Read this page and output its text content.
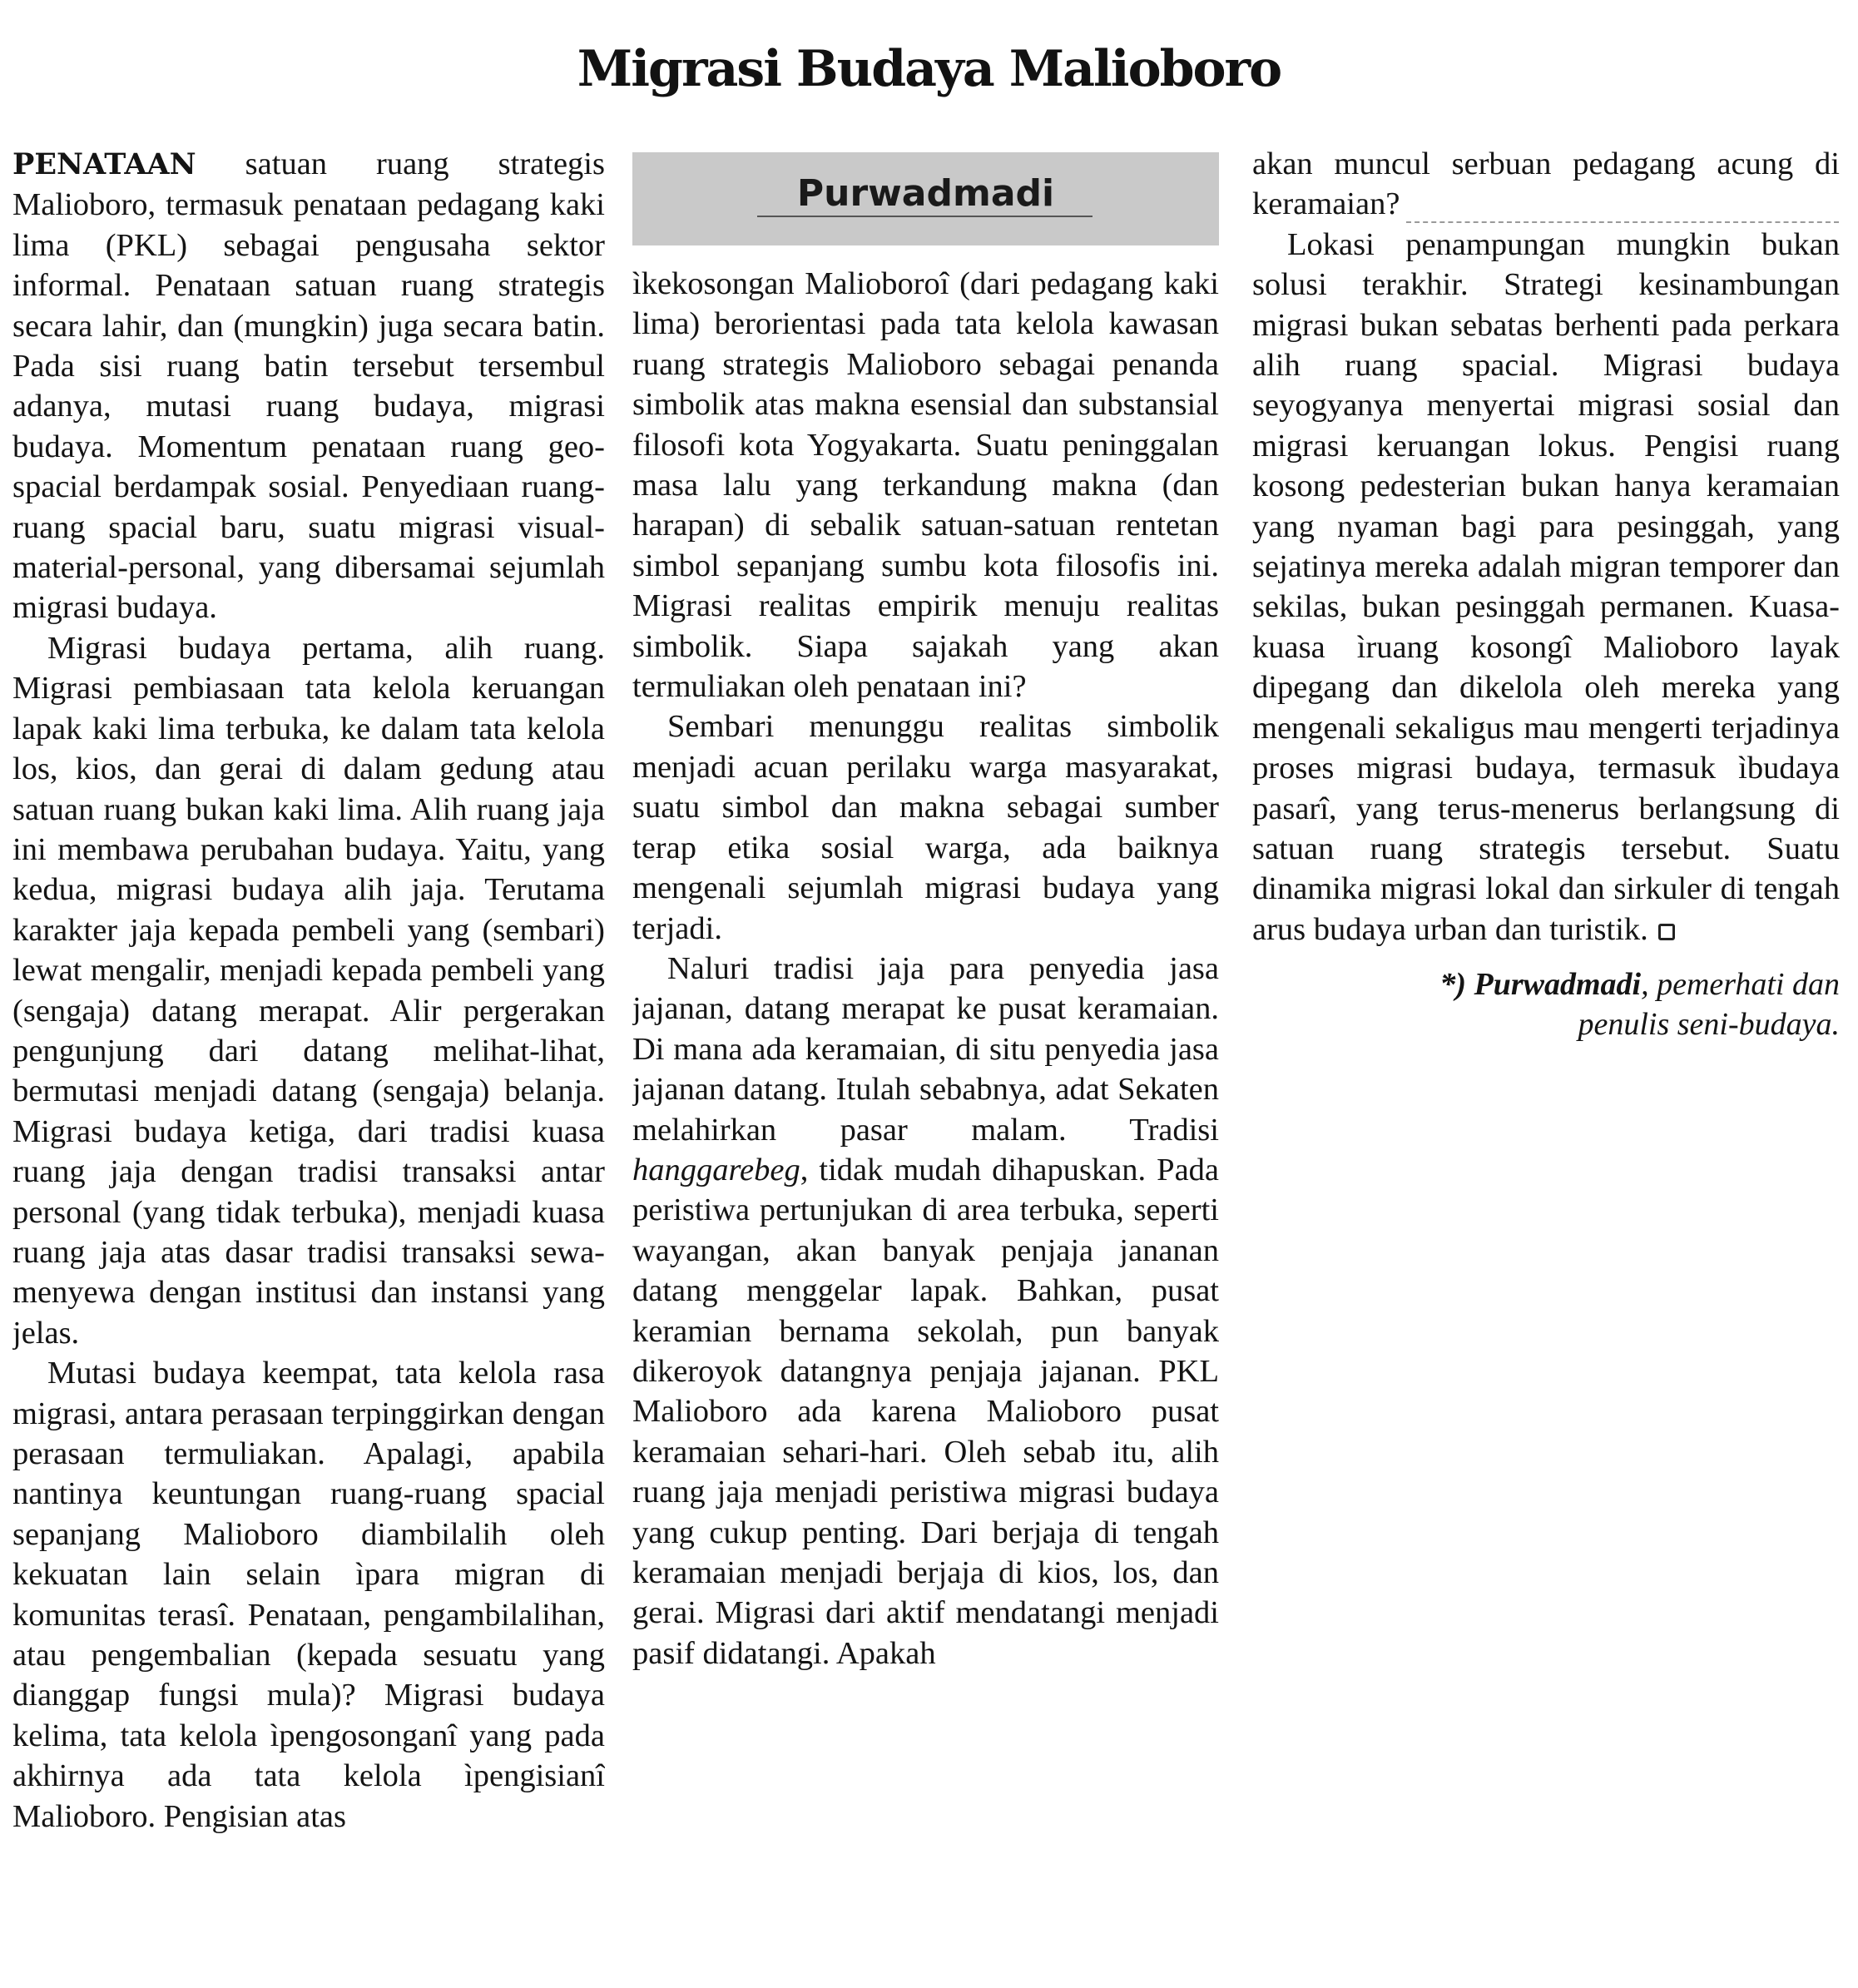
Migrasi Budaya Malioboro

PENATAAN satuan ruang strategis Malioboro, termasuk penataan pedagang kaki lima (PKL) sebagai pengusaha sektor informal. Penataan satuan ruang strategis secara lahir, dan (mungkin) juga secara batin. Pada sisi ruang batin tersebut tersembul adanya, mutasi ruang budaya, migrasi budaya. Momentum penataan ruang geo-spacial berdampak sosial. Penyediaan ruang-ruang spacial baru, suatu migrasi visual-material-personal, yang dibersamai sejumlah migrasi budaya.

Migrasi budaya pertama, alih ruang. Migrasi pembiasaan tata kelola keruangan lapak kaki lima terbuka, ke dalam tata kelola los, kios, dan gerai di dalam gedung atau satuan ruang bukan kaki lima. Alih ruang jaja ini membawa perubahan budaya. Yaitu, yang kedua, migrasi budaya alih jaja. Terutama karakter jaja kepada pembeli yang (sembari) lewat mengalir, menjadi kepada pembeli yang (sengaja) datang merapat. Alir pergerakan pengunjung dari datang melihat-lihat, bermutasi menjadi datang (sengaja) belanja. Migrasi budaya ketiga, dari tradisi kuasa ruang jaja dengan tradisi transaksi antar personal (yang tidak terbuka), menjadi kuasa ruang jaja atas dasar tradisi transaksi sewa-menyewa dengan institusi dan instansi yang jelas.

Mutasi budaya keempat, tata kelola rasa migrasi, antara perasaan terpinggirkan dengan perasaan termuliakan. Apalagi, apabila nantinya keuntungan ruang-ruang spacial sepanjang Malioboro diambilalih oleh kekuatan lain selain ìpara migran di komunitas terasî. Penataan, pengambilalihan, atau pengembalian (kepada sesuatu yang dianggap fungsi mula)? Migrasi budaya kelima, tata kelola ìpengosonganî yang pada akhirnya ada tata kelola ìpengisianî Malioboro. Pengisian atas

Purwadmadi

ìkekosongan Malioboroî (dari pedagang kaki lima) berorientasi pada tata kelola kawasan ruang strategis Malioboro sebagai penanda simbolik atas makna esensial dan substansial filosofi kota Yogyakarta. Suatu peninggalan masa lalu yang terkandung makna (dan harapan) di sebalik satuan-satuan rentetan simbol sepanjang sumbu kota filosofis ini. Migrasi realitas empirik menuju realitas simbolik. Siapa sajakah yang akan termuliakan oleh penataan ini?

Sembari menunggu realitas simbolik menjadi acuan perilaku warga masyarakat, suatu simbol dan makna sebagai sumber terap etika sosial warga, ada baiknya mengenali sejumlah migrasi budaya yang terjadi.

Naluri tradisi jaja para penyedia jasa jajanan, datang merapat ke pusat keramaian. Di mana ada keramaian, di situ penyedia jasa jajanan datang. Itulah sebabnya, adat Sekaten melahirkan pasar malam. Tradisi hanggarebeg, tidak mudah dihapuskan. Pada peristiwa pertunjukan di area terbuka, seperti wayangan, akan banyak penjaja jananan datang menggelar lapak. Bahkan, pusat keramian bernama sekolah, pun banyak dikeroyok datangnya penjaja jajanan. PKL Malioboro ada karena Malioboro pusat keramaian sehari-hari. Oleh sebab itu, alih ruang jaja menjadi peristiwa migrasi budaya yang cukup penting. Dari berjaja di tengah keramaian menjadi berjaja di kios, los, dan gerai. Migrasi dari aktif mendatangi menjadi pasif didatangi. Apakah

akan muncul serbuan pedagang acung di keramaian?

Lokasi penampungan mungkin bukan solusi terakhir. Strategi kesinambungan migrasi bukan sebatas berhenti pada perkara alih ruang spacial. Migrasi budaya seyogyanya menyertai migrasi sosial dan migrasi keruangan lokus. Pengisi ruang kosong pedesterian bukan hanya keramaian yang nyaman bagi para pesinggah, yang sejatinya mereka adalah migran temporer dan sekilas, bukan pesinggah permanen. Kuasa-kuasa ìruang kosongî Malioboro layak dipegang dan dikelola oleh mereka yang mengenali sekaligus mau mengerti terjadinya proses migrasi budaya, termasuk ìbudaya pasarî, yang terus-menerus berlangsung di satuan ruang strategis tersebut. Suatu dinamika migrasi lokal dan sirkuler di tengah arus budaya urban dan turistik.

*) Purwadmadi, pemerhati dan
penulis seni-budaya.
